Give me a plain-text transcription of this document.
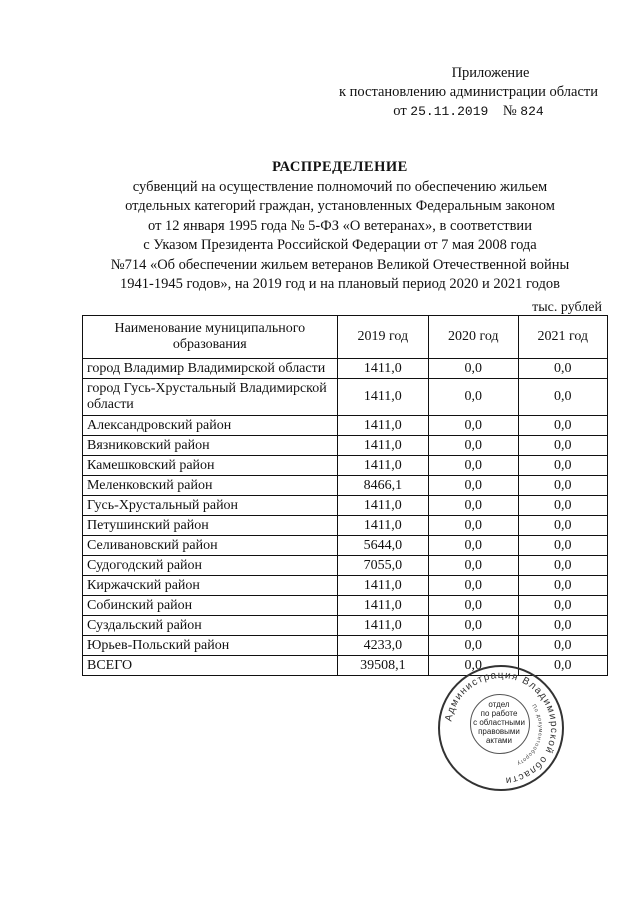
Приложение
к постановлению администрации области
от 25.11.2019 № 824
РАСПРЕДЕЛЕНИЕ
субвенций на осуществление полномочий по обеспечению жильем
отдельных категорий граждан, установленных Федеральным законом
от 12 января 1995 года № 5-ФЗ «О ветеранах», в соответствии
с Указом Президента Российской Федерации от 7 мая 2008 года
№714 «Об обеспечении жильем ветеранов Великой Отечественной войны
1941-1945 годов», на 2019 год и на плановый период 2020 и 2021 годов
тыс. рублей
Наименование муниципального образования	2019 год	2020 год	2021 год
город Владимир Владимирской области	1411,0	0,0	0,0
город Гусь-Хрустальный Владимирской области	1411,0	0,0	0,0
Александровский район	1411,0	0,0	0,0
Вязниковский район	1411,0	0,0	0,0
Камешковский район	1411,0	0,0	0,0
Меленковский район	8466,1	0,0	0,0
Гусь-Хрустальный район	1411,0	0,0	0,0
Петушинский район	1411,0	0,0	0,0
Селивановский район	5644,0	0,0	0,0
Судогодский район	7055,0	0,0	0,0
Киржачский район	1411,0	0,0	0,0
Собинский район	1411,0	0,0	0,0
Суздальский район	1411,0	0,0	0,0
Юрьев-Польский район	4233,0	0,0	0,0
ВСЕГО	39508,1	0,0	0,0
Администрация Владимирской области
По документообороту
отдел
по работе
с областными
правовыми
актами
